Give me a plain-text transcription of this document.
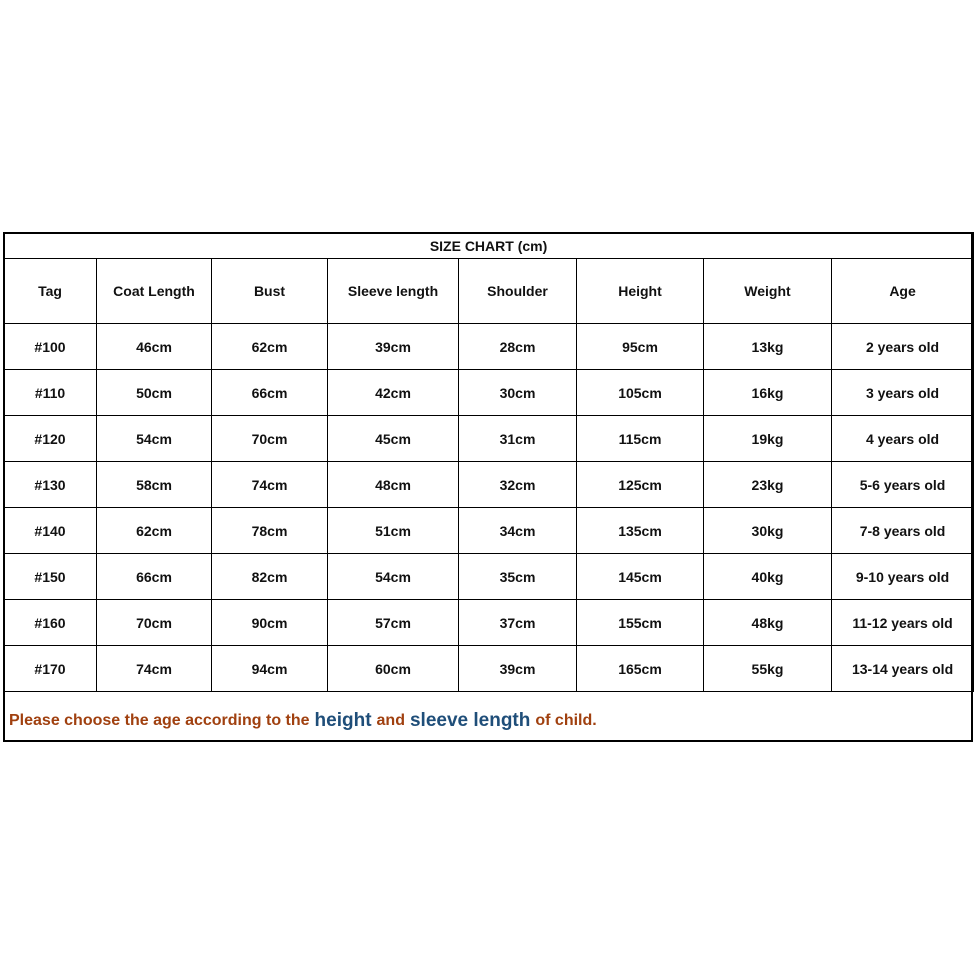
SIZE CHART (cm)							
Tag	Coat Length	Bust	Sleeve length	Shoulder	Height	Weight	Age
#100	46cm	62cm	39cm	28cm	95cm	13kg	2 years old
#110	50cm	66cm	42cm	30cm	105cm	16kg	3 years old
#120	54cm	70cm	45cm	31cm	115cm	19kg	4 years old
#130	58cm	74cm	48cm	32cm	125cm	23kg	5-6 years old
#140	62cm	78cm	51cm	34cm	135cm	30kg	7-8 years old
#150	66cm	82cm	54cm	35cm	145cm	40kg	9-10 years old
#160	70cm	90cm	57cm	37cm	155cm	48kg	11-12 years old
#170	74cm	94cm	60cm	39cm	165cm	55kg	13-14 years old
Please choose the age according to the height and sleeve length of child.
